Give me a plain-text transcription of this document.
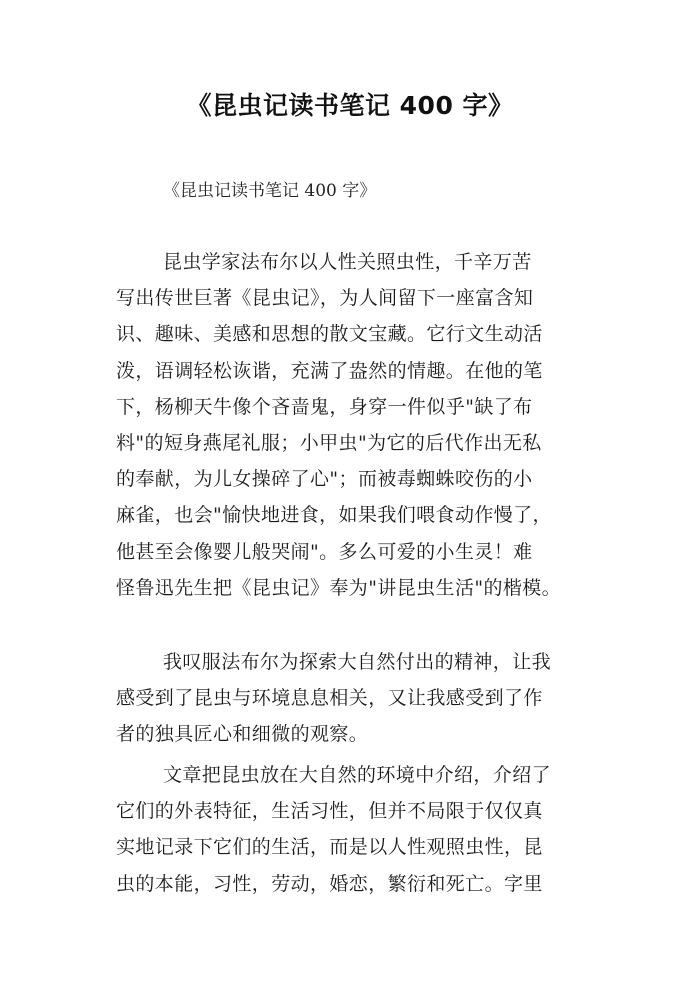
《昆虫记读书笔记 400 字》
《昆虫记读书笔记 400 字》
昆虫学家法布尔以人性关照虫性，千辛万苦
写出传世巨著《昆虫记》，为人间留下一座富含知
识、趣味、美感和思想的散文宝藏。它行文生动活
泼，语调轻松诙谐，充满了盎然的情趣。在他的笔
下，杨柳天牛像个吝啬鬼，身穿一件似乎"缺了布
料"的短身燕尾礼服；小甲虫"为它的后代作出无私
的奉献，为儿女操碎了心"；而被毒蜘蛛咬伤的小
麻雀，也会"愉快地进食，如果我们喂食动作慢了，
他甚至会像婴儿般哭闹"。多么可爱的小生灵！难
怪鲁迅先生把《昆虫记》奉为"讲昆虫生活"的楷模。
我叹服法布尔为探索大自然付出的精神，让我
感受到了昆虫与环境息息相关，又让我感受到了作
者的独具匠心和细微的观察。
文章把昆虫放在大自然的环境中介绍，介绍了
它们的外表特征，生活习性，但并不局限于仅仅真
实地记录下它们的生活，而是以人性观照虫性，昆
虫的本能，习性，劳动，婚恋，繁衍和死亡。字里
